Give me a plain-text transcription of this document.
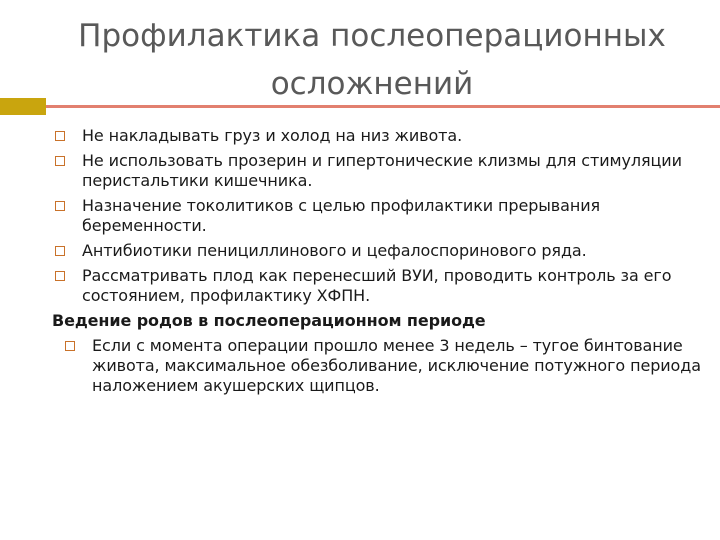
Профилактика послеоперационных
осложнений
Не накладывать груз и холод на низ живота.
Не использовать прозерин и гипертонические клизмы для стимуляции перистальтики кишечника.
Назначение токолитиков с целью профилактики прерывания беременности.
Антибиотики пенициллинового и цефалоспоринового ряда.
Рассматривать плод как перенесший ВУИ, проводить контроль за его состоянием, профилактику ХФПН.
Ведение родов в послеоперационном периоде
Если с момента операции прошло менее 3 недель – тугое бинтование живота, максимальное обезболивание, исключение потужного периода наложением акушерских щипцов.
